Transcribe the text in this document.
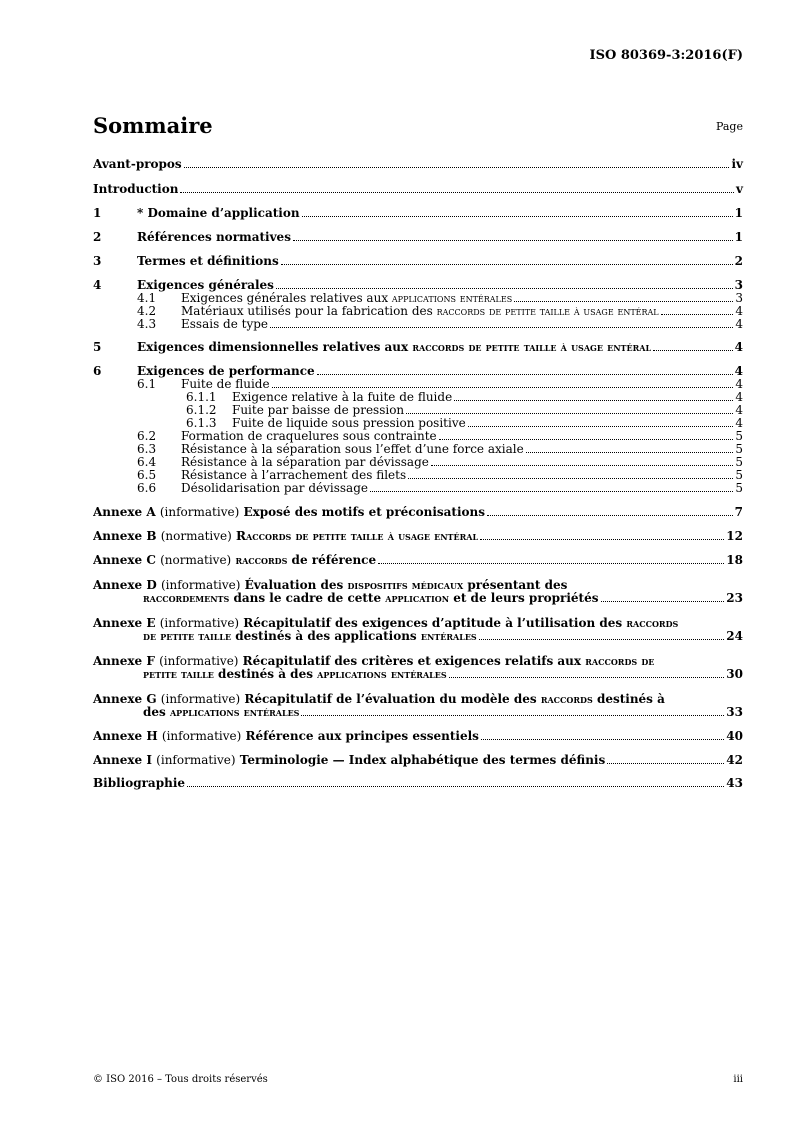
ISO 80369-3:2016(F)
Sommaire	Page
Avant-propos	iv
Introduction	v
1	* Domaine d’application	1
2	Références normatives	1
3	Termes et définitions	2
4	Exigences générales	3
4.1	Exigences générales relatives aux applications entérales	3
4.2	Matériaux utilisés pour la fabrication des raccords de petite taille à usage entéral	4
4.3	Essais de type	4
5	Exigences dimensionnelles relatives aux raccords de petite taille à usage entéral	4
6	Exigences de performance	4
6.1	Fuite de fluide	4
6.1.1	Exigence relative à la fuite de fluide	4
6.1.2	Fuite par baisse de pression	4
6.1.3	Fuite de liquide sous pression positive	4
6.2	Formation de craquelures sous contrainte	5
6.3	Résistance à la séparation sous l’effet d’une force axiale	5
6.4	Résistance à la séparation par dévissage	5
6.5	Résistance à l’arrachement des filets	5
6.6	Désolidarisation par dévissage	5
Annexe A (informative) Exposé des motifs et préconisations	7
Annexe B (normative) Raccords de petite taille à usage entéral	12
Annexe C (normative) raccords de référence	18
Annexe D (informative) Évaluation des dispositifs médicaux présentant des
raccordements dans le cadre de cette application et de leurs propriétés	23
Annexe E (informative) Récapitulatif des exigences d’aptitude à l’utilisation des raccords
de petite taille destinés à des applications entérales	24
Annexe F (informative) Récapitulatif des critères et exigences relatifs aux raccords de
petite taille destinés à des applications entérales	30
Annexe G (informative) Récapitulatif de l’évaluation du modèle des raccords destinés à
des applications entérales	33
Annexe H (informative) Référence aux principes essentiels	40
Annexe I (informative) Terminologie — Index alphabétique des termes définis	42
Bibliographie	43
© ISO 2016 – Tous droits réservés	iii
